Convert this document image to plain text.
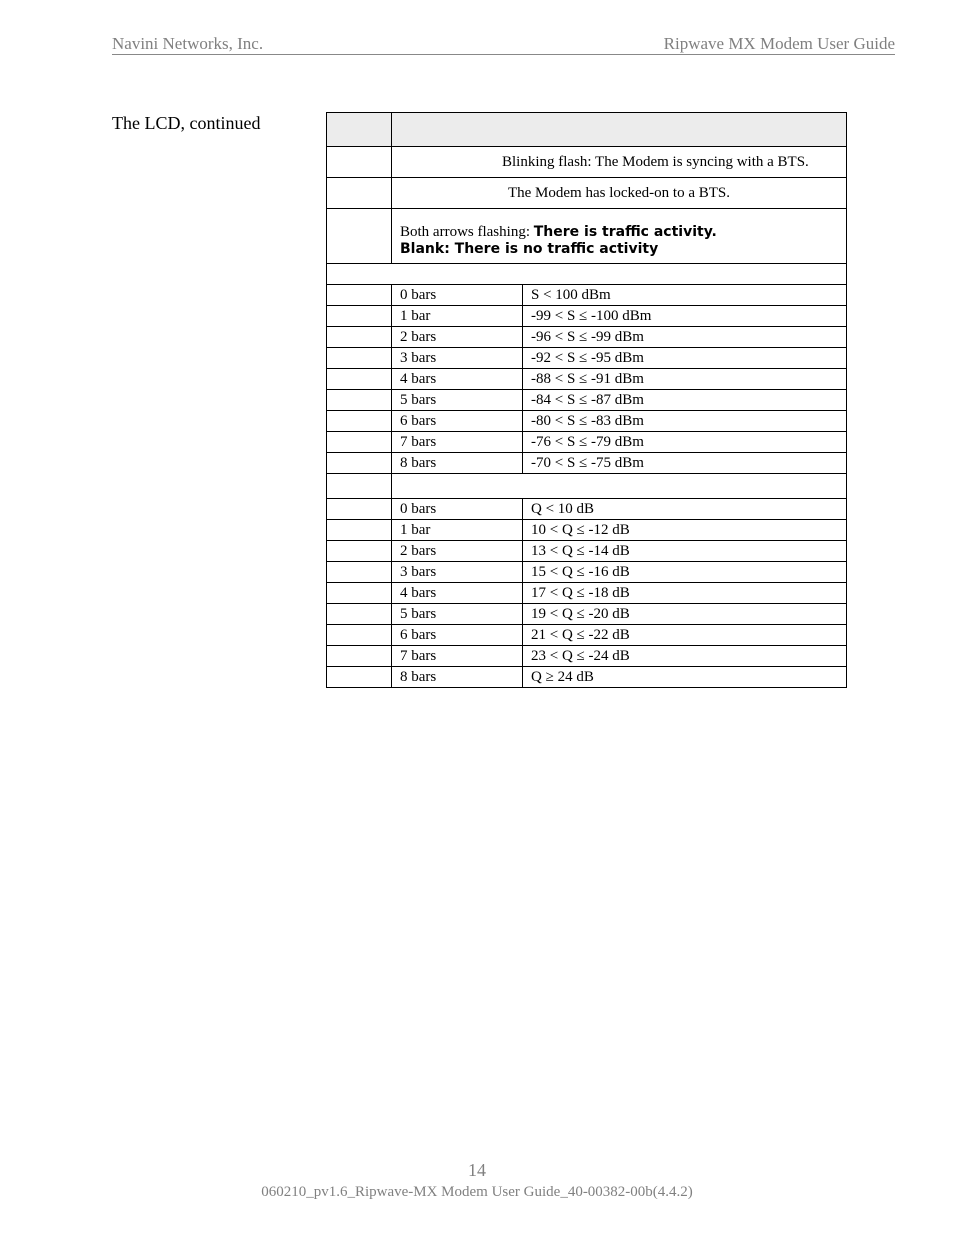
Navini Networks, Inc.	Ripwave MX Modem User Guide
The LCD, continued

	Blinking flash: The Modem is syncing with a BTS.	
	The Modem has locked-on to a BTS.	

	Both arrows flashing: There is traffic activity.
Blank: There is no traffic activity	

	0 bars	S < 100 dBm
	1 bar	-99 < S ≤ -100 dBm
	2 bars	-96 < S ≤ -99 dBm
	3 bars	-92 < S ≤ -95 dBm
	4 bars	-88 < S ≤ -91 dBm
	5 bars	-84 < S ≤ -87 dBm
	6 bars	-80 < S ≤ -83 dBm
	7 bars	-76 < S ≤ -79 dBm
	8 bars	-70 < S ≤ -75 dBm

	0 bars	Q < 10 dB
	1 bar	10 < Q ≤ -12 dB
	2 bars	13 < Q ≤ -14 dB
	3 bars	15 < Q ≤ -16 dB
	4 bars	17 < Q ≤ -18 dB
	5 bars	19 < Q ≤ -20 dB
	6 bars	21 < Q ≤ -22 dB
	7 bars	23 < Q ≤ -24 dB
	8 bars	Q ≥ 24 dB
14
060210_pv1.6_Ripwave-MX Modem User Guide_40-00382-00b(4.4.2)
